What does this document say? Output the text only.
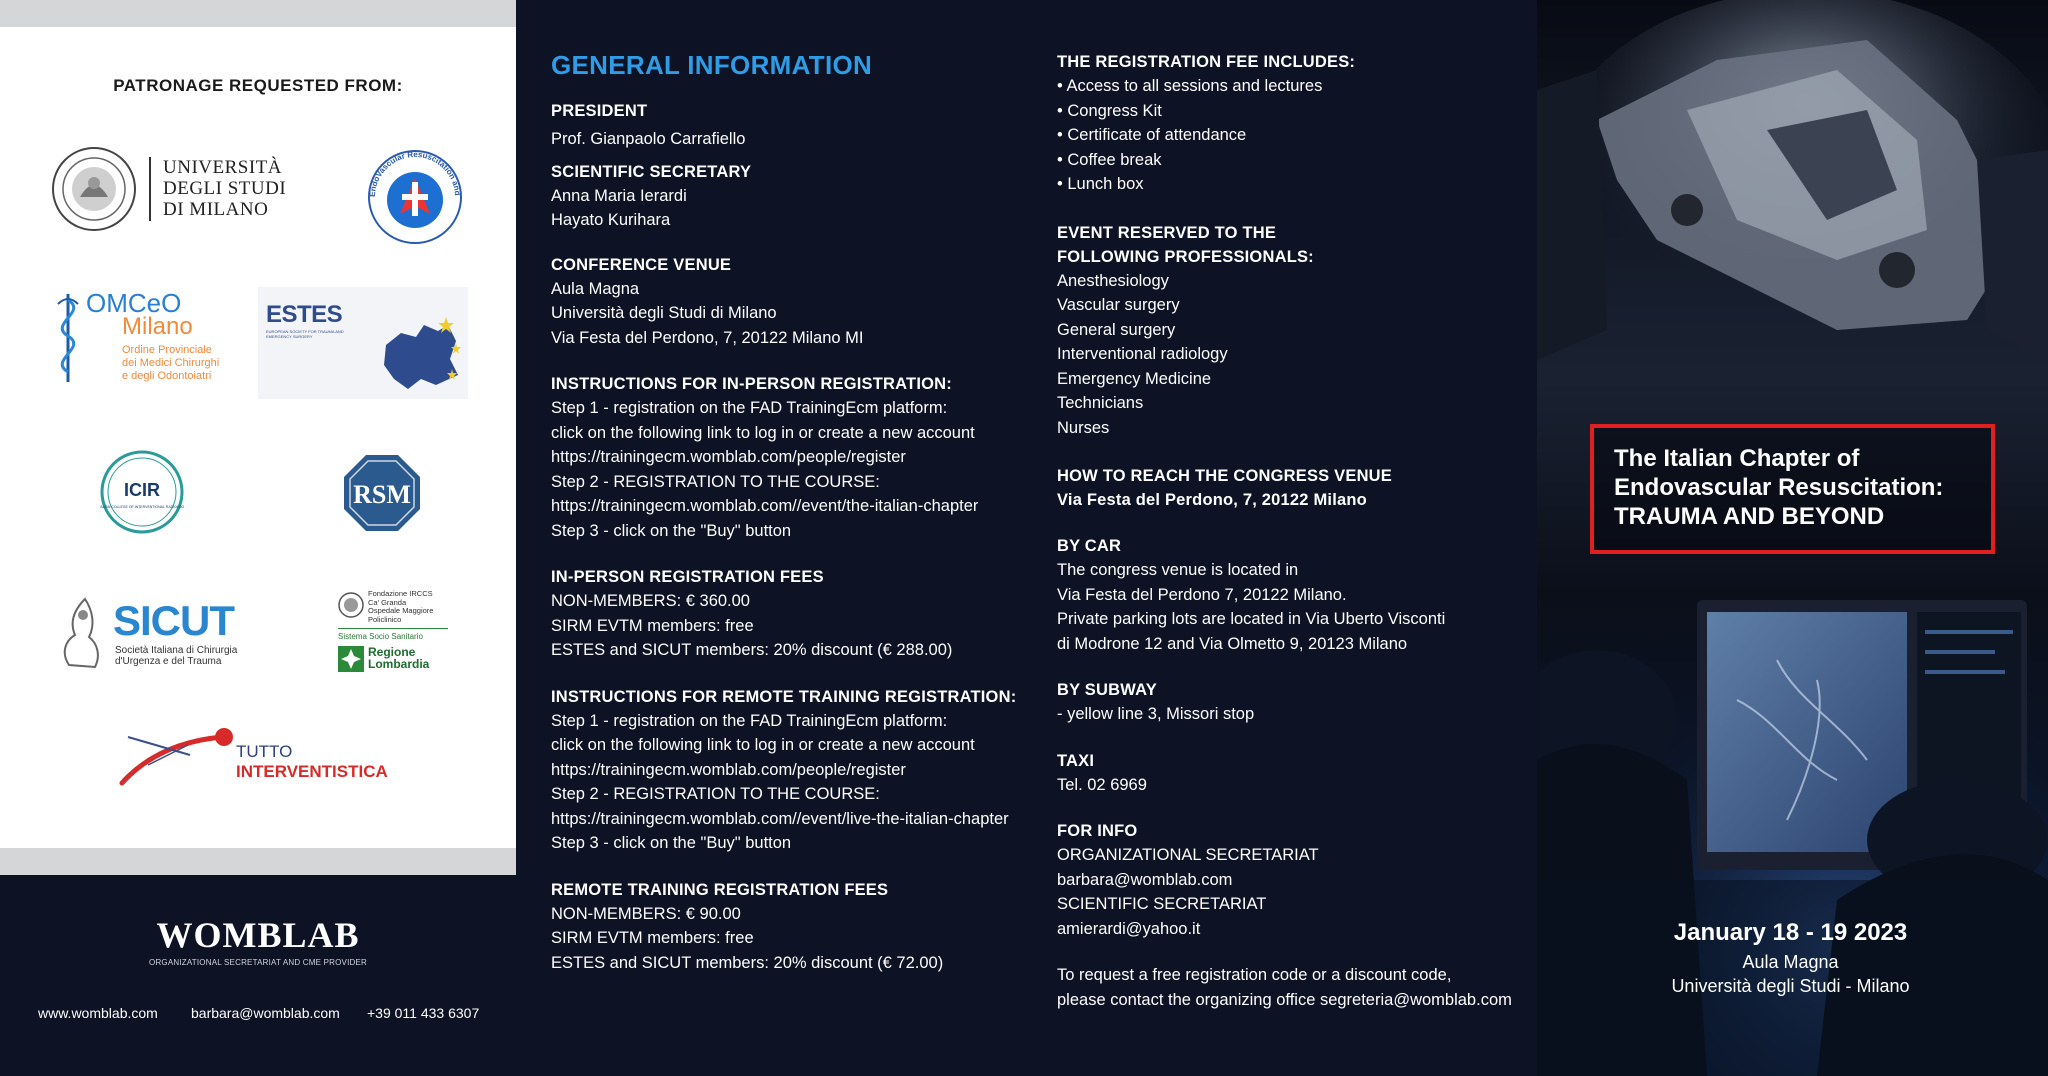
PATRONAGE REQUESTED FROM:
UNIVERSITÀ
DEGLI STUDI
DI MILANO
EndoVascular Resuscitation and
OMCeO
Milano
Ordine Provinciale
dei Medici Chirurghi
e degli Odontoiatri
ESTES
EUROPEAN SOCIETY FOR TRAUMA AND EMERGENCY SURGERY
ICIR
ITALIAN COLLEGE OF INTERVENTIONAL RADIOLOGY	RSM
SICUT
Società Italiana di Chirurgia
d'Urgenza e del Trauma
Fondazione IRCCS
Ca' Granda
Ospedale Maggiore
Policlinico
Sistema Socio Sanitario
Regione
Lombardia
TUTTO
INTERVENTISTICA
WOMBLAB
ORGANIZATIONAL SECRETARIAT AND CME PROVIDER
www.womblab.com barbara@womblab.com +39 011 433 6307
GENERAL INFORMATION
PRESIDENT
Prof. Gianpaolo Carrafiello
SCIENTIFIC SECRETARY
Anna Maria Ierardi
Hayato Kurihara
CONFERENCE VENUE
Aula Magna
Università degli Studi di Milano
Via Festa del Perdono, 7, 20122 Milano MI
INSTRUCTIONS FOR IN-PERSON REGISTRATION:
Step 1 - registration on the FAD TrainingEcm platform:
click on the following link to log in or create a new account
https://trainingecm.womblab.com/people/register
Step 2 - REGISTRATION TO THE COURSE:
https://trainingecm.womblab.com//event/the-italian-chapter
Step 3 - click on the "Buy" button
IN-PERSON REGISTRATION FEES
NON-MEMBERS: € 360.00
SIRM EVTM members: free
ESTES and SICUT members: 20% discount (€ 288.00)
INSTRUCTIONS FOR REMOTE TRAINING REGISTRATION:
Step 1 - registration on the FAD TrainingEcm platform:
click on the following link to log in or create a new account
https://trainingecm.womblab.com/people/register
Step 2 - REGISTRATION TO THE COURSE:
https://trainingecm.womblab.com//event/live-the-italian-chapter
Step 3 - click on the "Buy" button
REMOTE TRAINING REGISTRATION FEES
NON-MEMBERS: € 90.00
SIRM EVTM members: free
ESTES and SICUT members: 20% discount (€ 72.00)
THE REGISTRATION FEE INCLUDES:
• Access to all sessions and lectures
• Congress Kit
• Certificate of attendance
• Coffee break
• Lunch box
EVENT RESERVED TO THE
FOLLOWING PROFESSIONALS:
Anesthesiology
Vascular surgery
General surgery
Interventional radiology
Emergency Medicine
Technicians
Nurses
HOW TO REACH THE CONGRESS VENUE
Via Festa del Perdono, 7, 20122 Milano
BY CAR
The congress venue is located in
Via Festa del Perdono 7, 20122 Milano.
Private parking lots are located in Via Uberto Visconti
di Modrone 12 and Via Olmetto 9, 20123 Milano
BY SUBWAY
- yellow line 3, Missori stop
TAXI
Tel. 02 6969
FOR INFO
ORGANIZATIONAL SECRETARIAT
barbara@womblab.com
SCIENTIFIC SECRETARIAT
amierardi@yahoo.it
To request a free registration code or a discount code,
please contact the organizing office segreteria@womblab.com
The Italian Chapter of
Endovascular Resuscitation:
TRAUMA AND BEYOND
January 18 - 19 2023
Aula Magna
Università degli Studi - Milano
